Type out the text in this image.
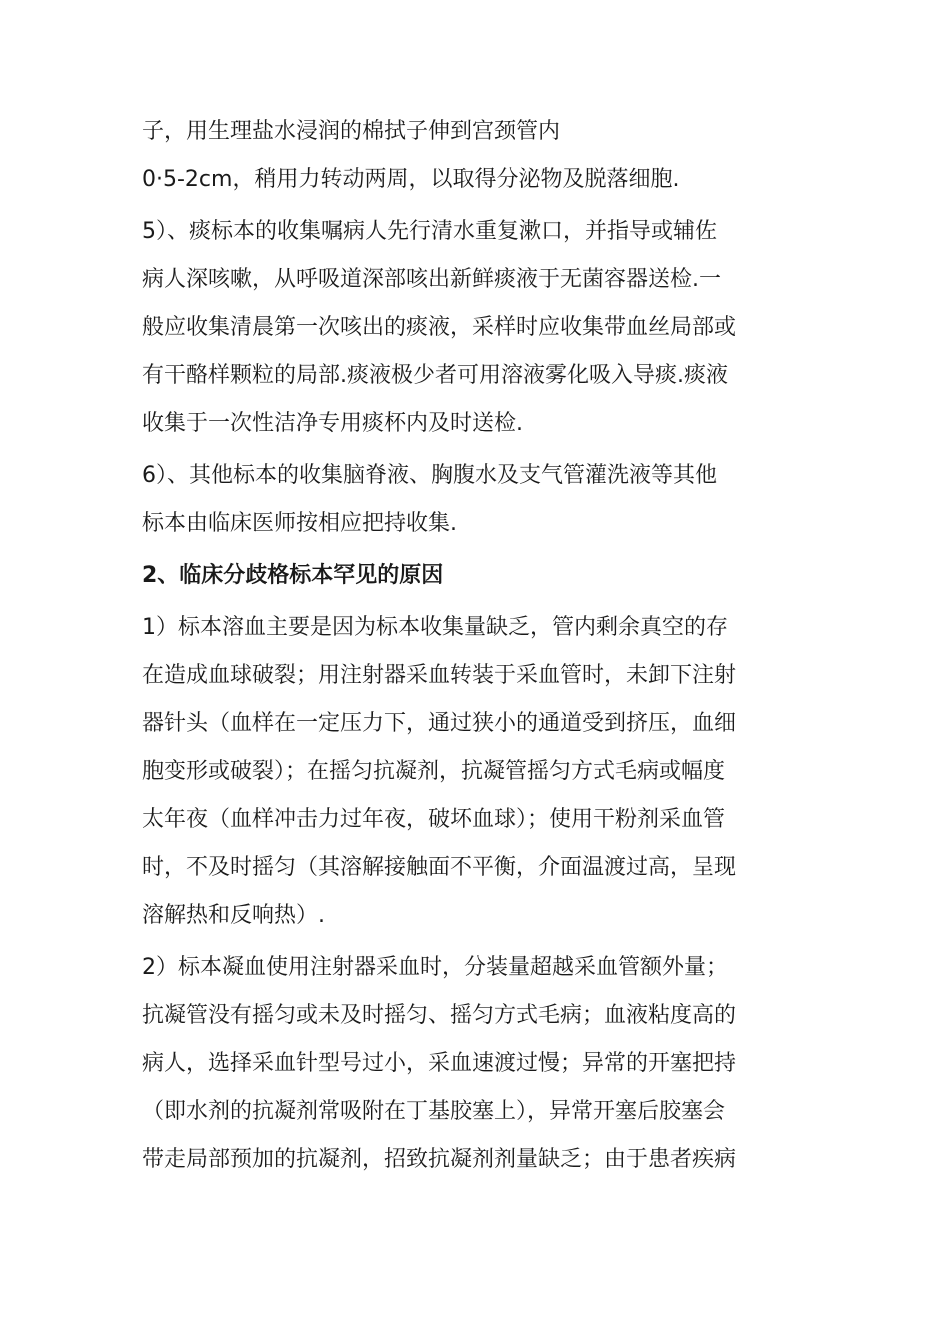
子，用生理盐水浸润的棉拭子伸到宫颈管内
0·5-2cm，稍用力转动两周，以取得分泌物及脱落细胞.
5）、痰标本的收集嘱病人先行清水重复漱口，并指导或辅佐
病人深咳嗽，从呼吸道深部咳出新鲜痰液于无菌容器送检.一
般应收集清晨第一次咳出的痰液，采样时应收集带血丝局部或
有干酪样颗粒的局部.痰液极少者可用溶液雾化吸入导痰.痰液
收集于一次性洁净专用痰杯内及时送检.
6）、其他标本的收集脑脊液、胸腹水及支气管灌洗液等其他
标本由临床医师按相应把持收集.
2、临床分歧格标本罕见的原因
1）标本溶血主要是因为标本收集量缺乏，管内剩余真空的存
在造成血球破裂；用注射器采血转装于采血管时，未卸下注射
器针头（血样在一定压力下，通过狭小的通道受到挤压，血细
胞变形或破裂）；在摇匀抗凝剂，抗凝管摇匀方式毛病或幅度
太年夜（血样冲击力过年夜，破坏血球）；使用干粉剂采血管
时，不及时摇匀（其溶解接触面不平衡，介面温渡过高，呈现
溶解热和反响热）.
2）标本凝血使用注射器采血时，分装量超越采血管额外量；
抗凝管没有摇匀或未及时摇匀、摇匀方式毛病；血液粘度高的
病人，选择采血针型号过小，采血速渡过慢；异常的开塞把持
（即水剂的抗凝剂常吸附在丁基胶塞上），异常开塞后胶塞会
带走局部预加的抗凝剂，招致抗凝剂剂量缺乏；由于患者疾病
